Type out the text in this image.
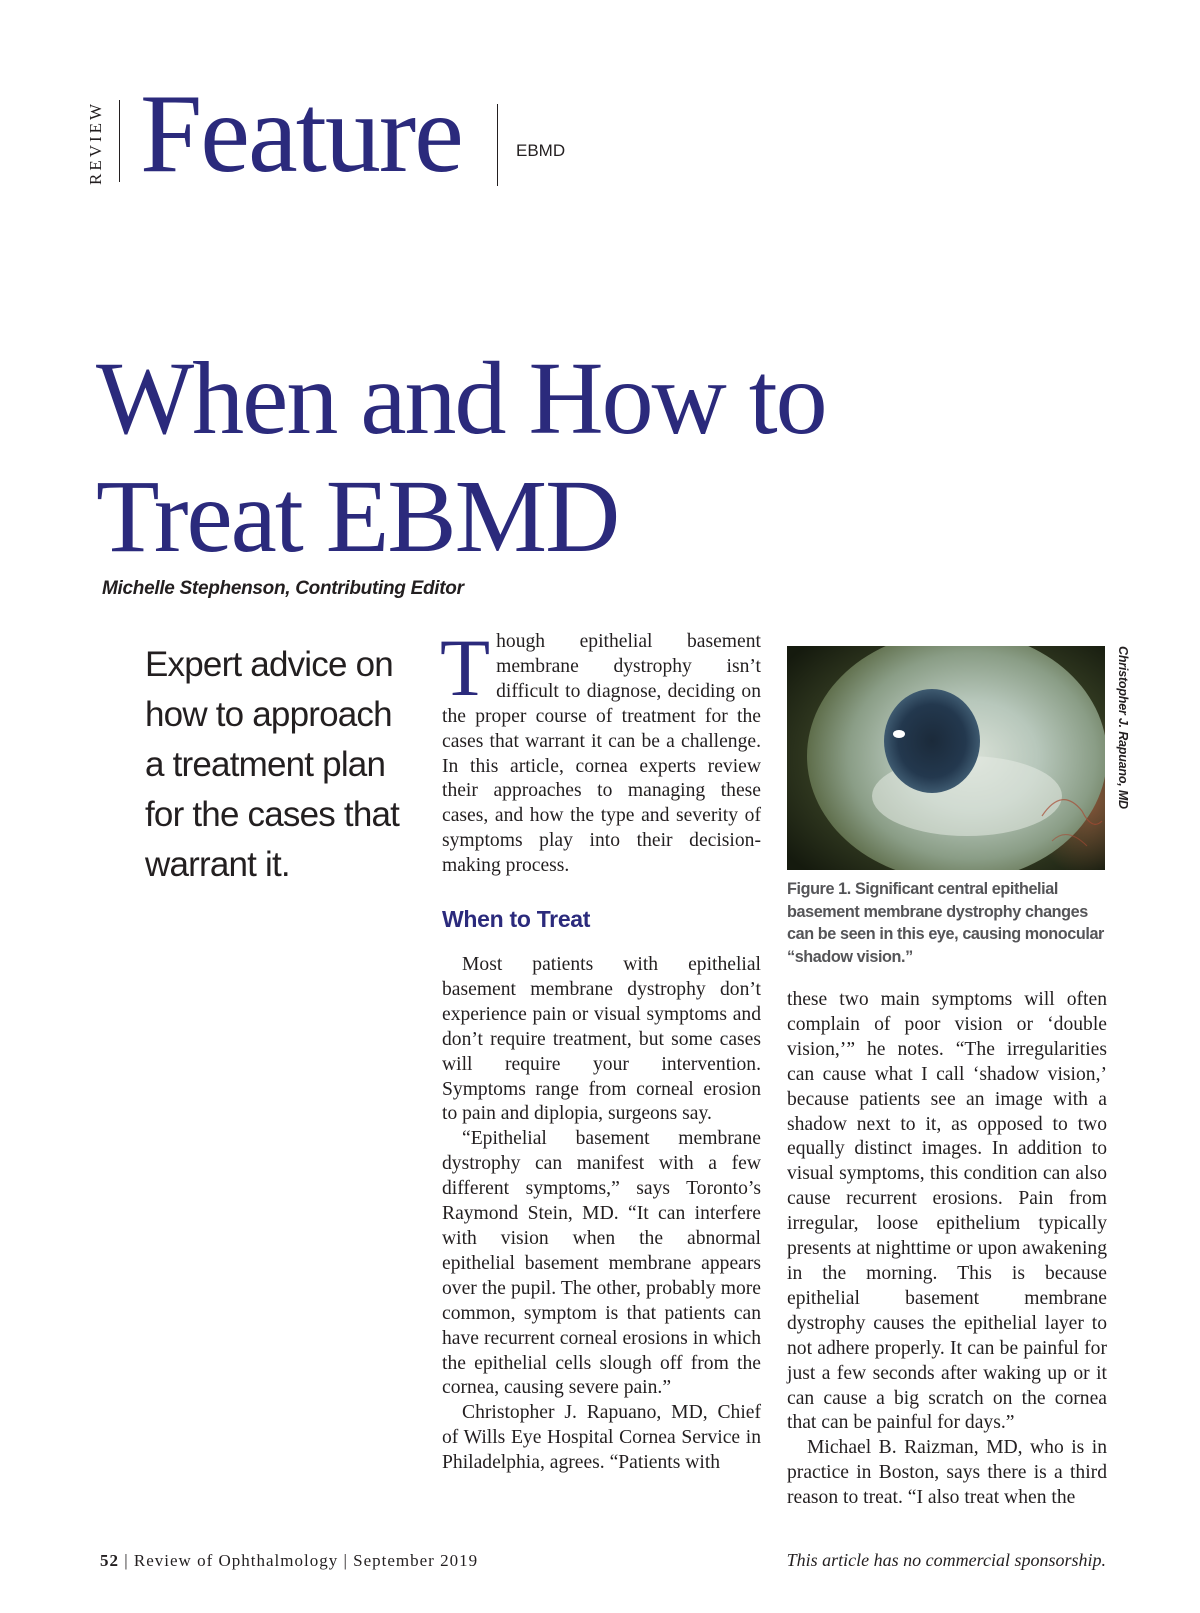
REVIEW Feature	EBMD
When and How to
Treat EBMD
Michelle Stephenson, Contributing Editor

Expert advice on how to approach a treatment plan for the cases that warrant it.

T hough epithelial basement membrane dystrophy isn’t difficult to diagnose, deciding on the proper course of treatment for the cases that warrant it can be a challenge. In this article, cornea experts review their approaches to managing these cases, and how the type and severity of symptoms play into their decision-making process.
When to Treat

Most patients with epithelial basement membrane dystrophy don’t experience pain or visual symptoms and don’t require treatment, but some cases will require your intervention. Symptoms range from corneal erosion to pain and diplopia, surgeons say.

“Epithelial basement membrane dystrophy can manifest with a few different symptoms,” says Toronto’s Raymond Stein, MD. “It can interfere with vision when the abnormal epithelial basement membrane appears over the pupil. The other, probably more common, symptom is that patients can have recurrent corneal erosions in which the epithelial cells slough off from the cornea, causing severe pain.”

Christopher J. Rapuano, MD, Chief of Wills Eye Hospital Cornea Service in Philadelphia, agrees. “Patients with

Christopher J. Rapuano, MD

Figure 1. Significant central epithelial basement membrane dystrophy changes can be seen in this eye, causing monocular “shadow vision.”

these two main symptoms will often complain of poor vision or ‘double vision,’” he notes. “The irregularities can cause what I call ‘shadow vision,’ because patients see an image with a shadow next to it, as opposed to two equally distinct images. In addition to visual symptoms, this condition can also cause recurrent erosions. Pain from irregular, loose epithelium typically presents at nighttime or upon awakening in the morning. This is because epithelial basement membrane dystrophy causes the epithelial layer to not adhere properly. It can be painful for just a few seconds after waking up or it can cause a big scratch on the cornea that can be painful for days.”

Michael B. Raizman, MD, who is in practice in Boston, says there is a third reason to treat. “I also treat when the

52 | Review of Ophthalmology | September 2019	This article has no commercial sponsorship.
